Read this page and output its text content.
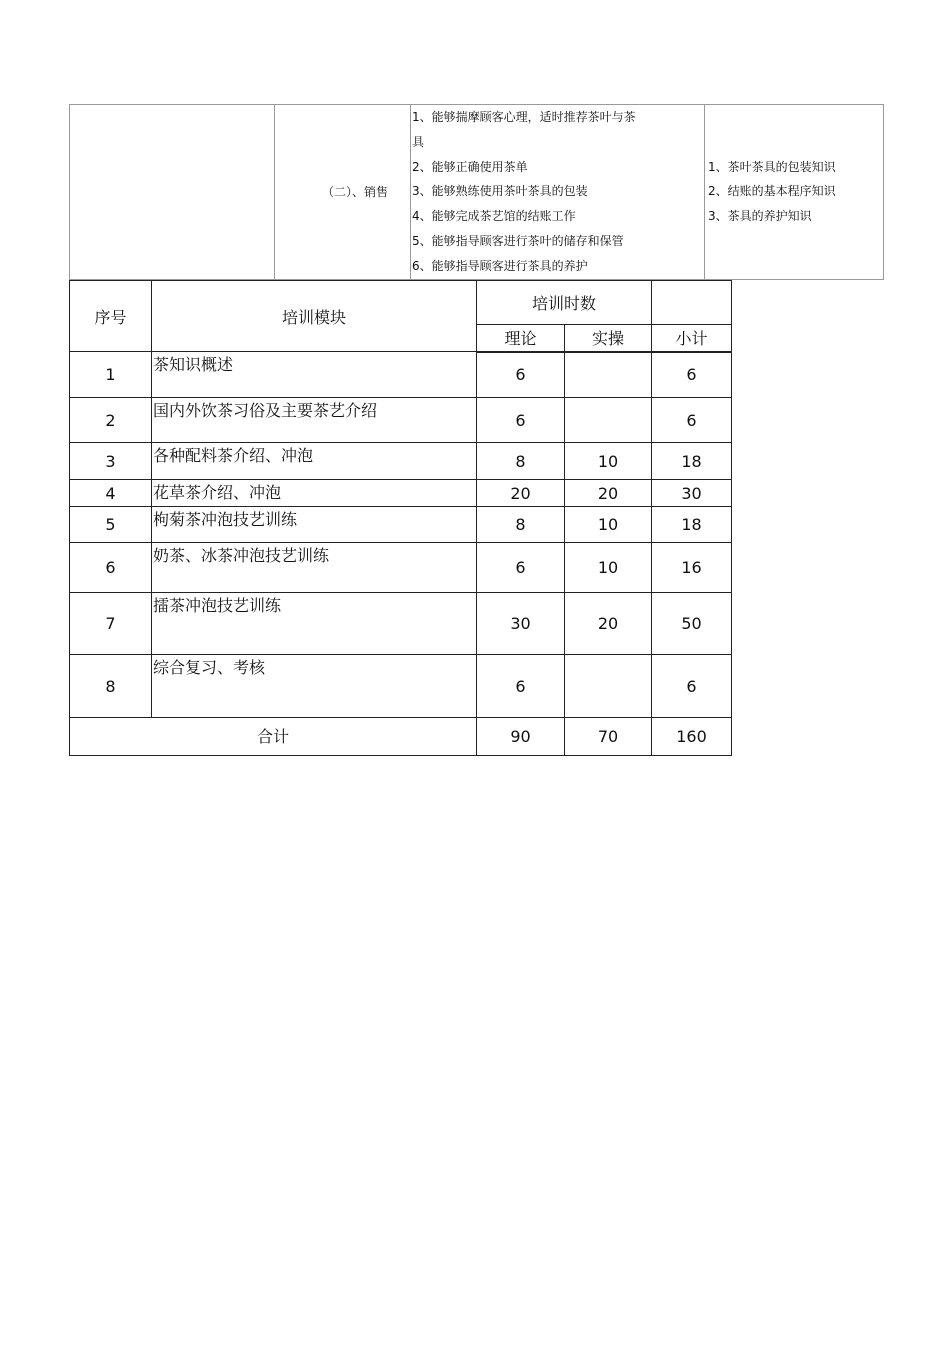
	（二）、销售	
1、能够揣摩顾客心理，适时推荐茶叶与茶
具
2、能够正确使用茶单
3、能够熟练使用茶叶茶具的包装
4、能够完成茶艺馆的结账工作
5、能够指导顾客进行茶叶的储存和保管
6、能够指导顾客进行茶具的养护

1、茶叶茶具的包装知识
2、结账的基本程序知识
3、茶具的养护知识
序号	培训模块	培训时数		
		理论	实操	小计
1	茶知识概述	6		6
2	国内外饮茶习俗及主要茶艺介绍	6		6
3	各种配料茶介绍、冲泡	8	10	18
4	花草茶介绍、冲泡	20	20	30
5	枸菊茶冲泡技艺训练	8	10	18
6	奶茶、冰茶冲泡技艺训练	6	10	16
7	擂茶冲泡技艺训练	30	20	50
8	综合复习、考核	6		6
合计		90	70	160
